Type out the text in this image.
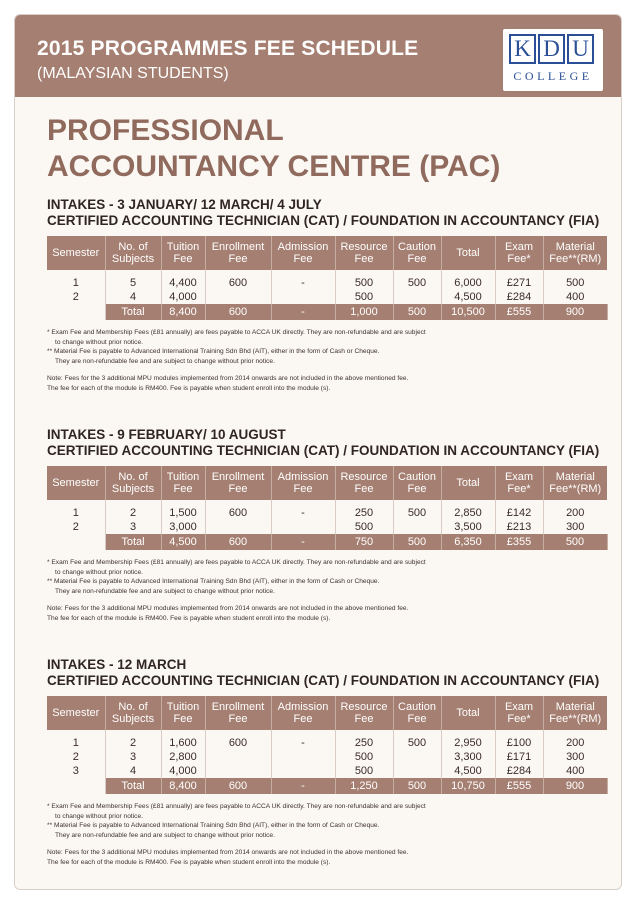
2015 PROGRAMMES FEE SCHEDULE
(MALAYSIAN STUDENTS)
K D U
COLLEGE
PROFESSIONAL
ACCOUNTANCY CENTRE (PAC)
INTAKES - 3 JANUARY/ 12 MARCH/ 4 JULY
CERTIFIED ACCOUNTING TECHNICIAN (CAT) / FOUNDATION IN ACCOUNTANCY (FIA)
Semester	No. of Subjects	Tuition Fee	Enrollment Fee	Admission Fee	Resource Fee	Caution Fee	Total	Exam Fee*	Material Fee**(RM)
1	5	4,400	600	-	500	500	6,000	£271	500
2	4	4,000			500		4,500	£284	400
	Total	8,400	600	-	1,000	500	10,500	£555	900

* Exam Fee and Membership Fees (£81 annually) are fees payable to ACCA UK directly. They are non-refundable and are subject

to change without prior notice.

** Material Fee is payable to Advanced International Training Sdn Bhd (AIT), either in the form of Cash or Cheque.

They are non-refundable fee and are subject to change without prior notice.

Note: Fees for the 3 additional MPU modules implemented from 2014 onwards are not included in the above mentioned fee.

The fee for each of the module is RM400. Fee is payable when student enroll into the module (s).

INTAKES - 9 FEBRUARY/ 10 AUGUST
CERTIFIED ACCOUNTING TECHNICIAN (CAT) / FOUNDATION IN ACCOUNTANCY (FIA)
Semester	No. of Subjects	Tuition Fee	Enrollment Fee	Admission Fee	Resource Fee	Caution Fee	Total	Exam Fee*	Material Fee**(RM)
1	2	1,500	600	-	250	500	2,850	£142	200
2	3	3,000			500		3,500	£213	300
	Total	4,500	600	-	750	500	6,350	£355	500

* Exam Fee and Membership Fees (£81 annually) are fees payable to ACCA UK directly. They are non-refundable and are subject

to change without prior notice.

** Material Fee is payable to Advanced International Training Sdn Bhd (AIT), either in the form of Cash or Cheque.

They are non-refundable fee and are subject to change without prior notice.

Note: Fees for the 3 additional MPU modules implemented from 2014 onwards are not included in the above mentioned fee.

The fee for each of the module is RM400. Fee is payable when student enroll into the module (s).

INTAKES - 12 MARCH
CERTIFIED ACCOUNTING TECHNICIAN (CAT) / FOUNDATION IN ACCOUNTANCY (FIA)
Semester	No. of Subjects	Tuition Fee	Enrollment Fee	Admission Fee	Resource Fee	Caution Fee	Total	Exam Fee*	Material Fee**(RM)
1	2	1,600	600	-	250	500	2,950	£100	200
2	3	2,800			500		3,300	£171	300
3	4	4,000			500		4,500	£284	400
	Total	8,400	600	-	1,250	500	10,750	£555	900

* Exam Fee and Membership Fees (£81 annually) are fees payable to ACCA UK directly. They are non-refundable and are subject

to change without prior notice.

** Material Fee is payable to Advanced International Training Sdn Bhd (AIT), either in the form of Cash or Cheque.

They are non-refundable fee and are subject to change without prior notice.

Note: Fees for the 3 additional MPU modules implemented from 2014 onwards are not included in the above mentioned fee.

The fee for each of the module is RM400. Fee is payable when student enroll into the module (s).
